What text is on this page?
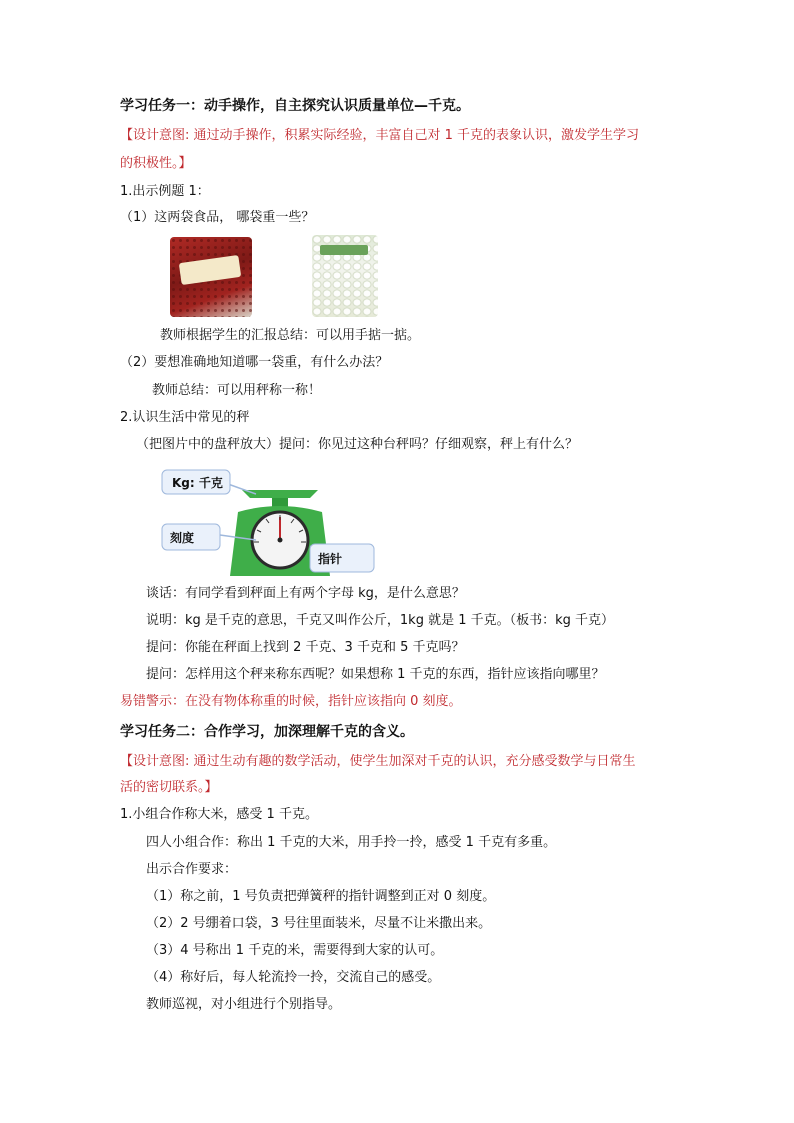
学习任务一：动手操作，自主探究认识质量单位—千克。
【设计意图: 通过动手操作，积累实际经验，丰富自己对 1 千克的表象认识，激发学生学习
的积极性。】
1.出示例题 1：
（1）这两袋食品， 哪袋重一些？
教师根据学生的汇报总结：可以用手掂一掂。
（2）要想准确地知道哪一袋重，有什么办法？
教师总结：可以用秤称一称！
2.认识生活中常见的秤
（把图片中的盘秤放大）提问：你见过这种台秤吗？仔细观察，秤上有什么？
Kg: 千克
刻度
指针
谈话：有同学看到秤面上有两个字母 kg，是什么意思？
说明：kg 是千克的意思，千克又叫作公斤，1kg 就是 1 千克。（板书：kg 千克）
提问：你能在秤面上找到 2 千克、3 千克和 5 千克吗？
提问：怎样用这个秤来称东西呢？如果想称 1 千克的东西，指针应该指向哪里？
易错警示：在没有物体称重的时候，指针应该指向 0 刻度。
学习任务二：合作学习，加深理解千克的含义。
【设计意图: 通过生动有趣的数学活动，使学生加深对千克的认识，充分感受数学与日常生
活的密切联系。】
1.小组合作称大米，感受 1 千克。
四人小组合作：称出 1 千克的大米，用手拎一拎，感受 1 千克有多重。
出示合作要求：
（1）称之前，1 号负责把弹簧秤的指针调整到正对 0 刻度。
（2）2 号绷着口袋，3 号往里面装米，尽量不让米撒出来。
（3）4 号称出 1 千克的米，需要得到大家的认可。
（4）称好后，每人轮流拎一拎，交流自己的感受。
教师巡视，对小组进行个别指导。
